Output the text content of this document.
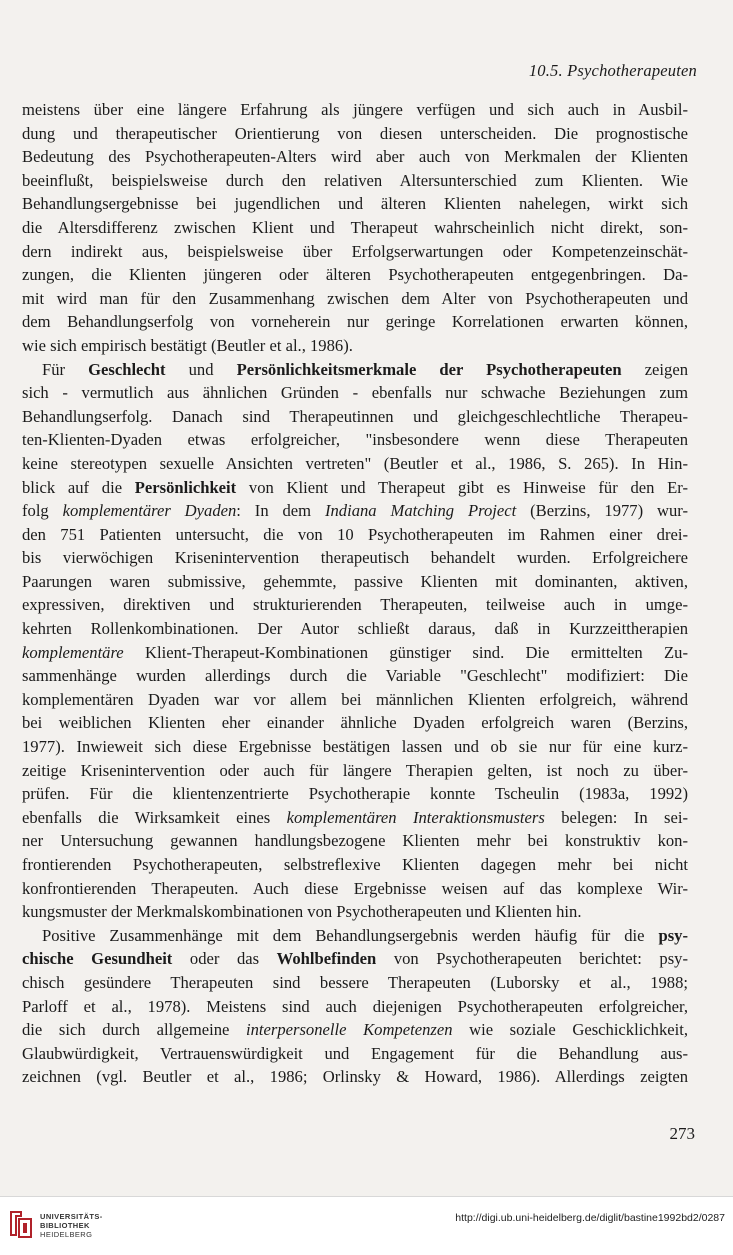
10.5. Psychotherapeuten
meistens über eine längere Erfahrung als jüngere verfügen und sich auch in Ausbil-
dung und therapeutischer Orientierung von diesen unterscheiden. Die prognostische
Bedeutung des Psychotherapeuten-Alters wird aber auch von Merkmalen der Klienten
beeinflußt, beispielsweise durch den relativen Altersunterschied zum Klienten. Wie
Behandlungsergebnisse bei jugendlichen und älteren Klienten nahelegen, wirkt sich
die Altersdifferenz zwischen Klient und Therapeut wahrscheinlich nicht direkt, son-
dern indirekt aus, beispielsweise über Erfolgserwartungen oder Kompetenzeinschät-
zungen, die Klienten jüngeren oder älteren Psychotherapeuten entgegenbringen. Da-
mit wird man für den Zusammenhang zwischen dem Alter von Psychotherapeuten und
dem Behandlungserfolg von vorneherein nur geringe Korrelationen erwarten können,
wie sich empirisch bestätigt (Beutler et al., 1986).
Für Geschlecht und Persönlichkeitsmerkmale der Psychotherapeuten zeigen
sich - vermutlich aus ähnlichen Gründen - ebenfalls nur schwache Beziehungen zum
Behandlungserfolg. Danach sind Therapeutinnen und gleichgeschlechtliche Therapeu-
ten-Klienten-Dyaden etwas erfolgreicher, "insbesondere wenn diese Therapeuten
keine stereotypen sexuelle Ansichten vertreten" (Beutler et al., 1986, S. 265). In Hin-
blick auf die Persönlichkeit von Klient und Therapeut gibt es Hinweise für den Er-
folg komplementärer Dyaden: In dem Indiana Matching Project (Berzins, 1977) wur-
den 751 Patienten untersucht, die von 10 Psychotherapeuten im Rahmen einer drei-
bis vierwöchigen Krisenintervention therapeutisch behandelt wurden. Erfolgreichere
Paarungen waren submissive, gehemmte, passive Klienten mit dominanten, aktiven,
expressiven, direktiven und strukturierenden Therapeuten, teilweise auch in umge-
kehrten Rollenkombinationen. Der Autor schließt daraus, daß in Kurzzeittherapien
komplementäre Klient-Therapeut-Kombinationen günstiger sind. Die ermittelten Zu-
sammenhänge wurden allerdings durch die Variable "Geschlecht" modifiziert: Die
komplementären Dyaden war vor allem bei männlichen Klienten erfolgreich, während
bei weiblichen Klienten eher einander ähnliche Dyaden erfolgreich waren (Berzins,
1977). Inwieweit sich diese Ergebnisse bestätigen lassen und ob sie nur für eine kurz-
zeitige Krisenintervention oder auch für längere Therapien gelten, ist noch zu über-
prüfen. Für die klientenzentrierte Psychotherapie konnte Tscheulin (1983a, 1992)
ebenfalls die Wirksamkeit eines komplementären Interaktionsmusters belegen: In sei-
ner Untersuchung gewannen handlungsbezogene Klienten mehr bei konstruktiv kon-
frontierenden Psychotherapeuten, selbstreflexive Klienten dagegen mehr bei nicht
konfrontierenden Therapeuten. Auch diese Ergebnisse weisen auf das komplexe Wir-
kungsmuster der Merkmalskombinationen von Psychotherapeuten und Klienten hin.
Positive Zusammenhänge mit dem Behandlungsergebnis werden häufig für die psy-
chische Gesundheit oder das Wohlbefinden von Psychotherapeuten berichtet: psy-
chisch gesündere Therapeuten sind bessere Therapeuten (Luborsky et al., 1988;
Parloff et al., 1978). Meistens sind auch diejenigen Psychotherapeuten erfolgreicher,
die sich durch allgemeine interpersonelle Kompetenzen wie soziale Geschicklichkeit,
Glaubwürdigkeit, Vertrauenswürdigkeit und Engagement für die Behandlung aus-
zeichnen (vgl. Beutler et al., 1986; Orlinsky & Howard, 1986). Allerdings zeigten
273
UNIVERSITÄTS-
BIBLIOTHEK
HEIDELBERG
http://digi.ub.uni-heidelberg.de/diglit/bastine1992bd2/0287
